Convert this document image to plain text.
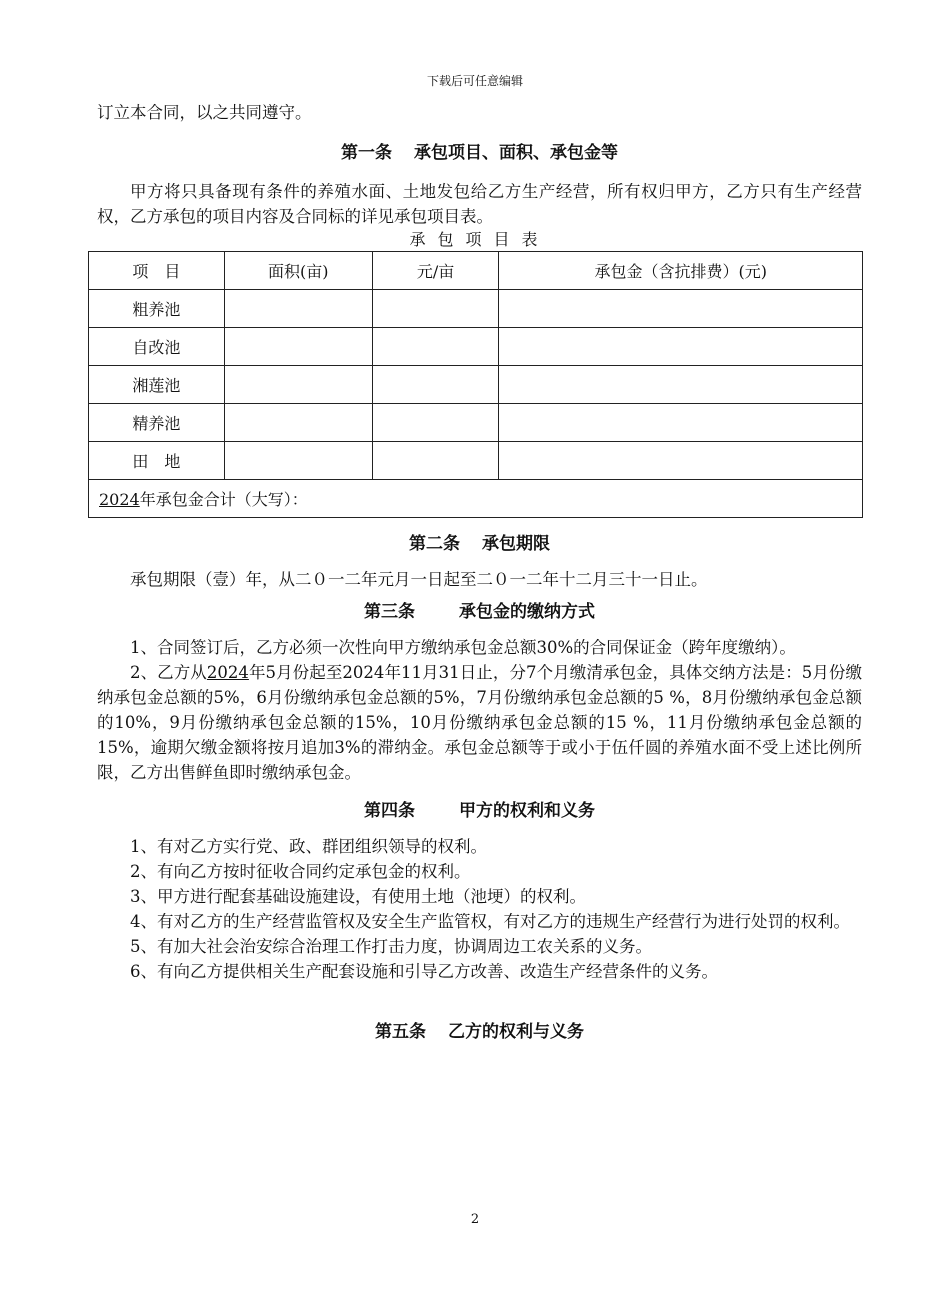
下载后可任意编辑

订立本合同，以之共同遵守。

第一条 承包项目、面积、承包金等

甲方将只具备现有条件的养殖水面、土地发包给乙方生产经营，所有权归甲方，乙方只有生产经营权，乙方承包的项目内容及合同标的详见承包项目表。

承包项目表
项　目	面积(亩)	元/亩	承包金（含抗排费）(元)
粗养池			
自改池			
湘莲池			
精养池			
田　地			
2024年承包金合计（大写）：			
第二条 承包期限

承包期限（壹）年，从二０一二年元月一日起至二０一二年十二月三十一日止。

第三条	承包金的缴纳方式

1、合同签订后，乙方必须一次性向甲方缴纳承包金总额30%的合同保证金（跨年度缴纳）。

2、乙方从2024年5月份起至2024年11月31日止，分7个月缴清承包金，具体交纳方法是：5月份缴纳承包金总额的5%，6月份缴纳承包金总额的5%，7月份缴纳承包金总额的5 %，8月份缴纳承包金总额的10%，9月份缴纳承包金总额的15%，10月份缴纳承包金总额的15 %，11月份缴纳承包金总额的15%，逾期欠缴金额将按月追加3%的滞纳金。承包金总额等于或小于伍仟圆的养殖水面不受上述比例所限，乙方出售鲜鱼即时缴纳承包金。

第四条	甲方的权利和义务

1、有对乙方实行党、政、群团组织领导的权利。

2、有向乙方按时征收合同约定承包金的权利。

3、甲方进行配套基础设施建设，有使用土地（池埂）的权利。

4、有对乙方的生产经营监管权及安全生产监管权，有对乙方的违规生产经营行为进行处罚的权利。

5、有加大社会治安综合治理工作打击力度，协调周边工农关系的义务。

6、有向乙方提供相关生产配套设施和引导乙方改善、改造生产经营条件的义务。

第五条 乙方的权利与义务
2
